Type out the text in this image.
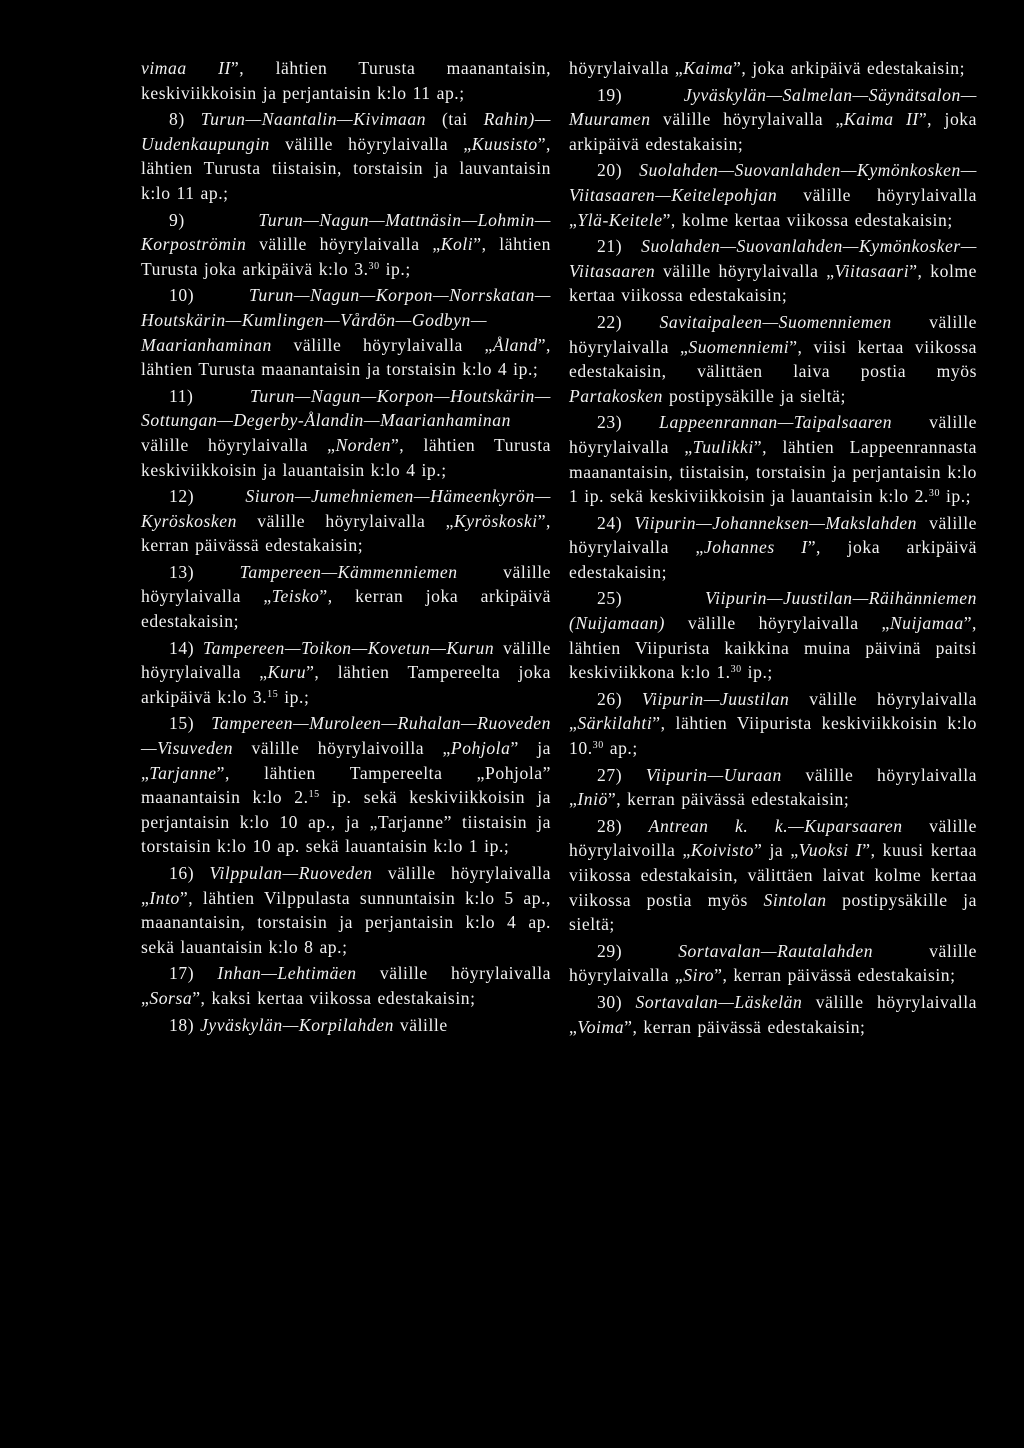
vimaa II”, lähtien Turusta maanantaisin, keskiviikkoisin ja perjantaisin k:lo 11 ap.;

8) Turun—Naantalin—Kivimaan (tai Rahin)—Uudenkaupungin välille höyrylaivalla „Kuusisto”, lähtien Turusta tiistaisin, torstaisin ja lauvantaisin k:lo 11 ap.;

9) Turun—Nagun—Mattnäsin—Lohmin—Korpoströmin välille höyrylaivalla „Koli”, lähtien Turusta joka arkipäivä k:lo 3.30 ip.;

10) Turun—Nagun—Korpon—Norrskatan—Houtskärin—Kumlingen—Vårdön—Godbyn—Maarianhaminan välille höyrylaivalla „Åland”, lähtien Turusta maanantaisin ja torstaisin k:lo 4 ip.;

11) Turun—Nagun—Korpon—Houtskärin—Sottungan—Degerby-Ålandin—Maarianhaminan välille höyrylaivalla „Norden”, lähtien Turusta keskiviikkoisin ja lauantaisin k:lo 4 ip.;

12) Siuron—Jumehniemen—Hämeenkyrön—Kyröskosken välille höyrylaivalla „Kyröskoski”, kerran päivässä edestakaisin;

13) Tampereen—Kämmenniemen välille höyrylaivalla „Teisko”, kerran joka arkipäivä edestakaisin;

14) Tampereen—Toikon—Kovetun—Kurun välille höyrylaivalla „Kuru”, lähtien Tampereelta joka arkipäivä k:lo 3.15 ip.;

15) Tampereen—Muroleen—Ruhalan—Ruoveden—Visuveden välille höyrylaivoilla „Pohjola” ja „Tarjanne”, lähtien Tampereelta „Pohjola” maanantaisin k:lo 2.15 ip. sekä keskiviikkoisin ja perjantaisin k:lo 10 ap., ja „Tarjanne” tiistaisin ja torstaisin k:lo 10 ap. sekä lauantaisin k:lo 1 ip.;

16) Vilppulan—Ruoveden välille höyrylaivalla „Into”, lähtien Vilppulasta sunnuntaisin k:lo 5 ap., maanantaisin, torstaisin ja perjantaisin k:lo 4 ap. sekä lauantaisin k:lo 8 ap.;

17) Inhan—Lehtimäen välille höyrylaivalla „Sorsa”, kaksi kertaa viikossa edestakaisin;

18) Jyväskylän—Korpilahden välille

höyrylaivalla „Kaima”, joka arkipäivä edestakaisin;

19) Jyväskylän—Salmelan—Säynätsalon—Muuramen välille höyrylaivalla „Kaima II”, joka arkipäivä edestakaisin;

20) Suolahden—Suovanlahden—Kymönkosken—Viitasaaren—Keitelepohjan välille höyrylaivalla „Ylä-Keitele”, kolme kertaa viikossa edestakaisin;

21) Suolahden—Suovanlahden—Kymönkosker—Viitasaaren välille höyrylaivalla „Viitasaari”, kolme kertaa viikossa edestakaisin;

22) Savitaipaleen—Suomenniemen välille höyrylaivalla „Suomenniemi”, viisi kertaa viikossa edestakaisin, välittäen laiva postia myös Partakosken postipysäkille ja sieltä;

23) Lappeenrannan—Taipalsaaren välille höyrylaivalla „Tuulikki”, lähtien Lappeenrannasta maanantaisin, tiistaisin, torstaisin ja perjantaisin k:lo 1 ip. sekä keskiviikkoisin ja lauantaisin k:lo 2.30 ip.;

24) Viipurin—Johanneksen—Makslahden välille höyrylaivalla „Johannes I”, joka arkipäivä edestakaisin;

25) Viipurin—Juustilan—Räihänniemen (Nuijamaan) välille höyrylaivalla „Nuijamaa”, lähtien Viipurista kaikkina muina päivinä paitsi keskiviikkona k:lo 1.30 ip.;

26) Viipurin—Juustilan välille höyrylaivalla „Särkilahti”, lähtien Viipurista keskiviikkoisin k:lo 10.30 ap.;

27) Viipurin—Uuraan välille höyrylaivalla „Iniö”, kerran päivässä edestakaisin;

28) Antrean k. k.—Kuparsaaren välille höyrylaivoilla „Koivisto” ja „Vuoksi I”, kuusi kertaa viikossa edestakaisin, välittäen laivat kolme kertaa viikossa postia myös Sintolan postipysäkille ja sieltä;

29) Sortavalan—Rautalahden välille höyrylaivalla „Siro”, kerran päivässä edestakaisin;

30) Sortavalan—Läskelän välille höyrylaivalla „Voima”, kerran päivässä edestakaisin;
